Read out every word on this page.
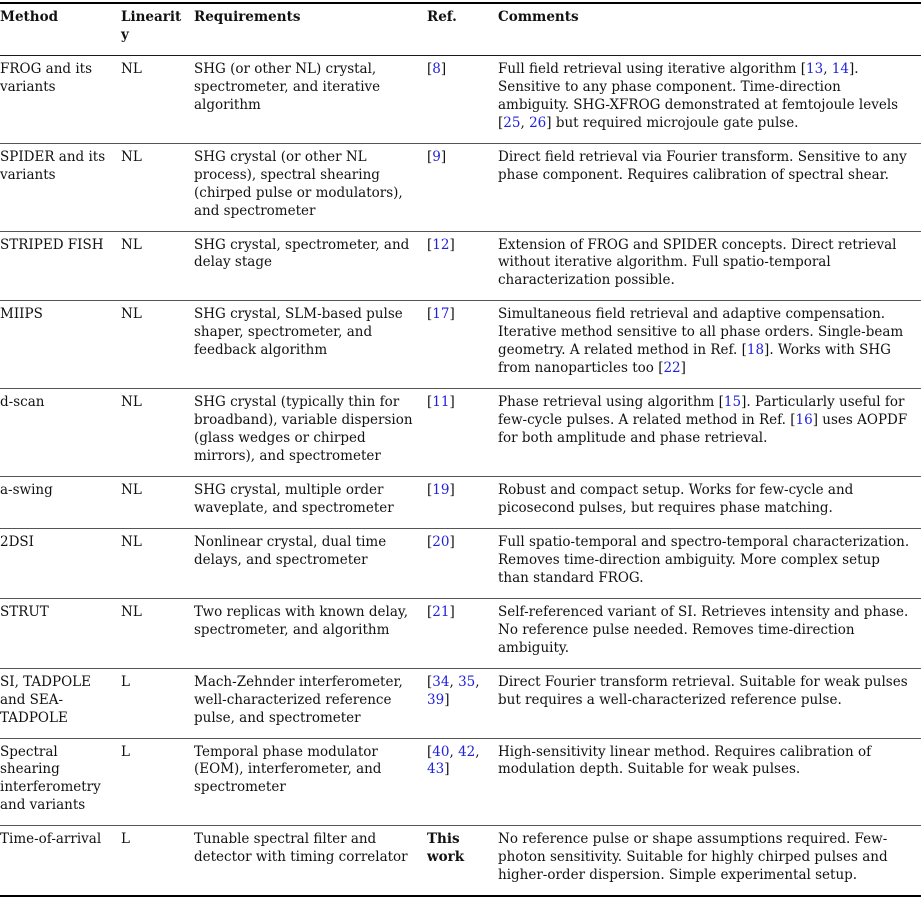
Method	Linearity	Requirements	Ref.	Comments
FROG and its variants	NL	SHG (or other NL) crystal, spectrometer, and iterative algorithm	[8]	Full field retrieval using iterative algorithm [13, 14]. Sensitive to any phase component. Time-direction ambiguity. SHG-XFROG demonstrated at femtojoule levels [25, 26] but required microjoule gate pulse.
SPIDER and its variants	NL	SHG crystal (or other NL process), spectral shearing (chirped pulse or modulators), and spectrometer	[9]	Direct field retrieval via Fourier transform. Sensitive to any phase component. Requires calibration of spectral shear.
STRIPED FISH	NL	SHG crystal, spectrometer, and delay stage	[12]	Extension of FROG and SPIDER concepts. Direct retrieval without iterative algorithm. Full spatio-temporal characterization possible.
MIIPS	NL	SHG crystal, SLM-based pulse shaper, spectrometer, and feedback algorithm	[17]	Simultaneous field retrieval and adaptive compensation. Iterative method sensitive to all phase orders. Single-beam geometry. A related method in Ref. [18]. Works with SHG from nanoparticles too [22]
d-scan	NL	SHG crystal (typically thin for broadband), variable dispersion (glass wedges or chirped mirrors), and spectrometer	[11]	Phase retrieval using algorithm [15]. Particularly useful for few-cycle pulses. A related method in Ref. [16] uses AOPDF for both amplitude and phase retrieval.
a-swing	NL	SHG crystal, multiple order waveplate, and spectrometer	[19]	Robust and compact setup. Works for few-cycle and picosecond pulses, but requires phase matching.
2DSI	NL	Nonlinear crystal, dual time delays, and spectrometer	[20]	Full spatio-temporal and spectro-temporal characterization. Removes time-direction ambiguity. More complex setup than standard FROG.
STRUT	NL	Two replicas with known delay, spectrometer, and algorithm	[21]	Self-referenced variant of SI. Retrieves intensity and phase. No reference pulse needed. Removes time-direction ambiguity.
SI, TADPOLE and SEA-TADPOLE	L	Mach-Zehnder interferometer, well-characterized reference pulse, and spectrometer	[34, 35, 39]	Direct Fourier transform retrieval. Suitable for weak pulses but requires a well-characterized reference pulse.
Spectral shearing interferometry and variants	L	Temporal phase modulator (EOM), interferometer, and spectrometer	[40, 42, 43]	High-sensitivity linear method. Requires calibration of modulation depth. Suitable for weak pulses.
Time-of-arrival	L	Tunable spectral filter and detector with timing correlator	This work	No reference pulse or shape assumptions required. Few-photon sensitivity. Suitable for highly chirped pulses and higher-order dispersion. Simple experimental setup.
